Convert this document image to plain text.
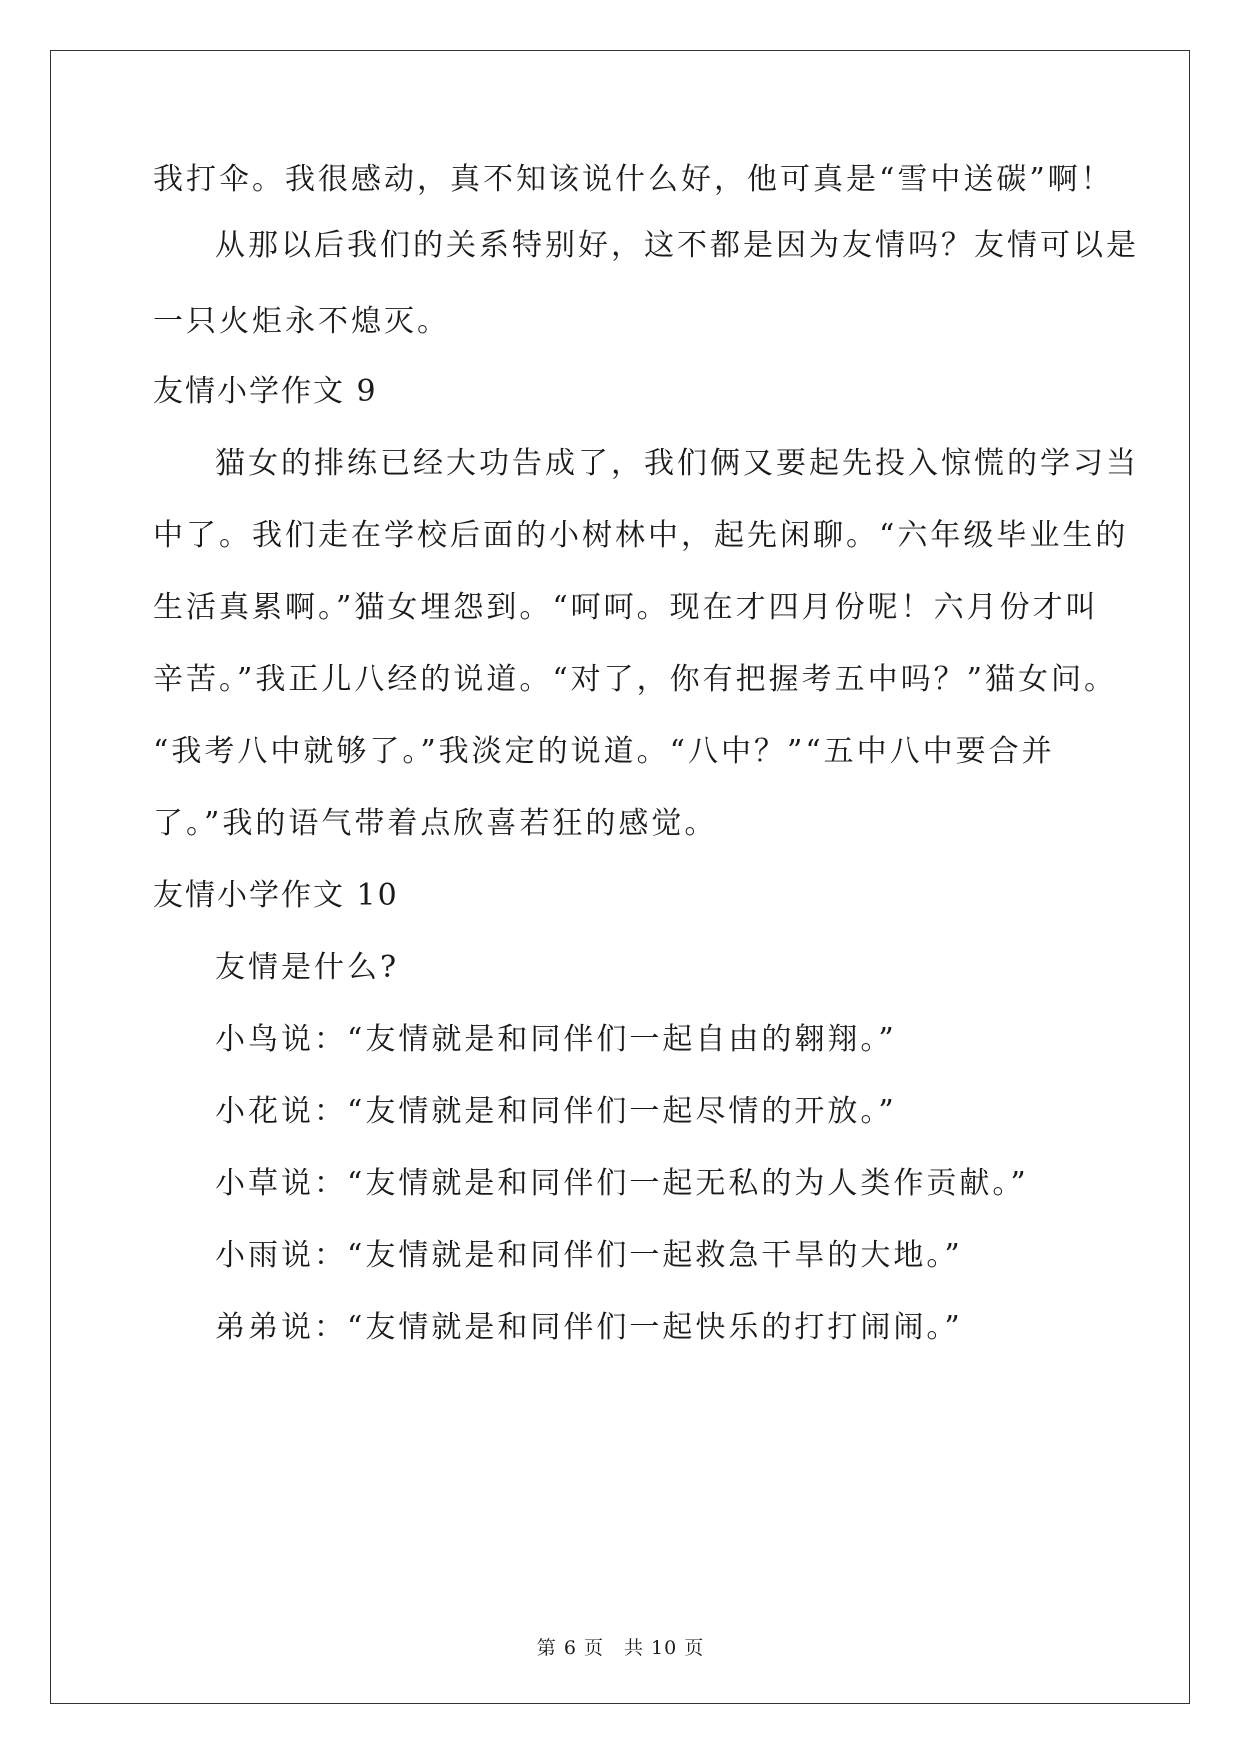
我打伞。我很感动，真不知该说什么好，他可真是“雪中送碳”啊！
从那以后我们的关系特别好，这不都是因为友情吗？友情可以是
一只火炬永不熄灭。
友情小学作文 9
猫女的排练已经大功告成了，我们俩又要起先投入惊慌的学习当
中了。我们走在学校后面的小树林中，起先闲聊。“六年级毕业生的
生活真累啊。”猫女埋怨到。“呵呵。现在才四月份呢！六月份才叫
辛苦。”我正儿八经的说道。“对了，你有把握考五中吗？”猫女问。
“我考八中就够了。”我淡定的说道。“八中？”“五中八中要合并
了。”我的语气带着点欣喜若狂的感觉。
友情小学作文 10
友情是什么?
小鸟说：“友情就是和同伴们一起自由的翱翔。”
小花说：“友情就是和同伴们一起尽情的开放。”
小草说：“友情就是和同伴们一起无私的为人类作贡献。”
小雨说：“友情就是和同伴们一起救急干旱的大地。”
弟弟说：“友情就是和同伴们一起快乐的打打闹闹。”
第 6 页　共 10 页
